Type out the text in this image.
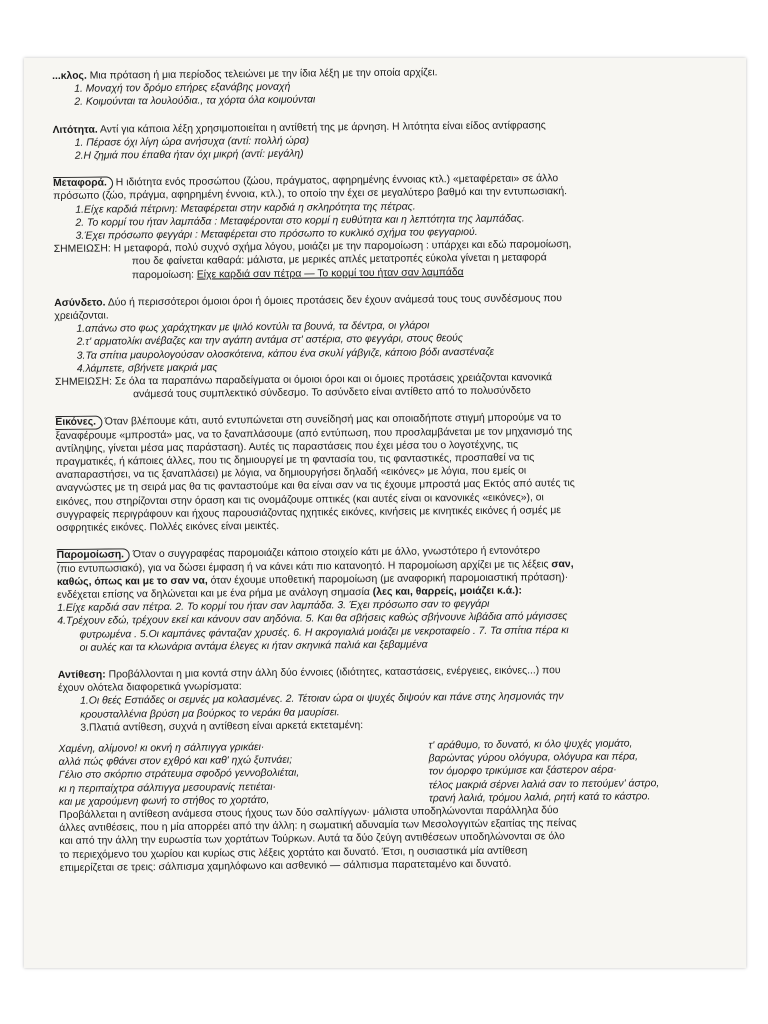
...κλος. Μια πρόταση ή μια περίοδος τελειώνει με την ίδια λέξη με την οποία αρχίζει.
1. Μοναχή τον δρόμο επήρες εξανάβης μοναχή
2. Κοιμούνται τα λουλούδια., τα χόρτα όλα κοιμούνται
Λιτότητα. Αντί για κάποια λέξη χρησιμοποιείται η αντίθετή της με άρνηση. Η λιτότητα είναι είδος αντίφρασης
1. Πέρασε όχι λίγη ώρα ανήσυχα (αντί: πολλή ώρα)
2.Η ζημιά που έπαθα ήταν όχι μικρή (αντί: μεγάλη)
Μεταφορά. Η ιδιότητα ενός προσώπου (ζώου, πράγματος, αφηρημένης έννοιας κτλ.) «μεταφέρεται» σε άλλο
πρόσωπο (ζώο, πράγμα, αφηρημένη έννοια, κτλ.), το οποίο την έχει σε μεγαλύτερο βαθμό και την εντυπωσιακή.
1.Είχε καρδιά πέτρινη: Μεταφέρεται στην καρδιά η σκληρότητα της πέτρας.
2. Το κορμί του ήταν λαμπάδα : Μεταφέρονται στο κορμί η ευθύτητα και η λεπτότητα της λαμπάδας.
3.Έχει πρόσωπο φεγγάρι : Μεταφέρεται στο πρόσωπο το κυκλικό σχήμα του φεγγαριού.
ΣΗΜΕΙΩΣΗ: Η μεταφορά, πολύ συχνό σχήμα λόγου, μοιάζει με την παρομοίωση : υπάρχει και εδώ παρομοίωση,
που δε φαίνεται καθαρά: μάλιστα, με μερικές απλές μετατροπές εύκολα γίνεται η μεταφορά
παρομοίωση: Είχε καρδιά σαν πέτρα — Το κορμί του ήταν σαν λαμπάδα
Ασύνδετο. Δύο ή περισσότεροι όμοιοι όροι ή όμοιες προτάσεις δεν έχουν ανάμεσά τους τους συνδέσμους που
χρειάζονται.
1.απάνω στο φως χαράχτηκαν με ψιλό κοντύλι τα βουνά, τα δέντρα, οι γλάροι
2.τ' αρματολίκι ανέβαζες και την αγάπη αντάμα στ' αστέρια, στο φεγγάρι, στους θεούς
3.Τα σπίτια μαυρολογούσαν ολοσκότεινα, κάπου ένα σκυλί γάβγιζε, κάποιο βόδι αναστέναζε
4.λάμπετε, σβήνετε μακριά μας
ΣΗΜΕΙΩΣΗ: Σε όλα τα παραπάνω παραδείγματα οι όμοιοι όροι και οι όμοιες προτάσεις χρειάζονται κανονικά
ανάμεσά τους συμπλεκτικό σύνδεσμο. Το ασύνδετο είναι αντίθετο από το πολυσύνδετο
Εικόνες. Όταν βλέπουμε κάτι, αυτό εντυπώνεται στη συνείδησή μας και οποιαδήποτε στιγμή μπορούμε να το
ξαναφέρουμε «μπροστά» μας, να το ξαναπλάσουμε (από εντύπωση, που προσλαμβάνεται με τον μηχανισμό της
αντίληψης, γίνεται μέσα μας παράσταση). Αυτές τις παραστάσεις που έχει μέσα του ο λογοτέχνης, τις
πραγματικές, ή κάποιες άλλες, που τις δημιουργεί με τη φαντασία του, τις φανταστικές, προσπαθεί να τις
αναπαραστήσει, να τις ξαναπλάσει) με λόγια, να δημιουργήσει δηλαδή «εικόνες» με λόγια, που εμείς οι
αναγνώστες με τη σειρά μας θα τις φανταστούμε και θα είναι σαν να τις έχουμε μπροστά μας Εκτός από αυτές τις
εικόνες, που στηρίζονται στην όραση και τις ονομάζουμε οπτικές (και αυτές είναι οι κανονικές «εικόνες»), οι
συγγραφείς περιγράφουν και ήχους παρουσιάζοντας ηχητικές εικόνες, κινήσεις με κινητικές εικόνες ή οσμές με
οσφρητικές εικόνες. Πολλές εικόνες είναι μεικτές.
Παρομοίωση. Όταν ο συγγραφέας παρομοιάζει κάποιο στοιχείο κάτι με άλλο, γνωστότερο ή εντονότερο
(πιο εντυπωσιακό), για να δώσει έμφαση ή να κάνει κάτι πιο κατανοητό. Η παρομοίωση αρχίζει με τις λέξεις σαν,
καθώς, όπως και με το σαν να, όταν έχουμε υποθετική παρομοίωση (με αναφορική παρομοιαστική πρόταση)·
ενδέχεται επίσης να δηλώνεται και με ένα ρήμα με ανάλογη σημασία (λες και, θαρρείς, μοιάζει κ.ά.):
1.Είχε καρδιά σαν πέτρα. 2. Το κορμί του ήταν σαν λαμπάδα. 3. Έχει πρόσωπο σαν το φεγγάρι
4.Τρέχουν εδώ, τρέχουν εκεί και κάνουν σαν αηδόνια. 5. Και θα σβήσεις καθώς σβήνουνε λιβάδια από μάγισσες
φυτρωμένα . 5.Οι καμπάνες φάνταζαν χρυσές. 6. Η ακρογιαλιά μοιάζει με νεκροταφείο . 7. Τα σπίτια πέρα κι
οι αυλές και τα κλωνάρια αντάμα έλεγες κι ήταν σκηνικά παλιά και ξεβαμμένα
Αντίθεση: Προβάλλονται η μια κοντά στην άλλη δύο έννοιες (ιδιότητες, καταστάσεις, ενέργειες, εικόνες...) που
έχουν ολότελα διαφορετικά γνωρίσματα:
1.Οι θεές Εστιάδες οι σεμνές μα κολασμένες. 2. Τέτοιαν ώρα οι ψυχές διψούν και πάνε στης λησμονιάς την
κρουσταλλένια βρύση μα βούρκος το νεράκι θα μαυρίσει.
3.Πλατιά αντίθεση, συχνά η αντίθεση είναι αρκετά εκτεταμένη:
Χαμένη, αλίμονο! κι οκνή η σάλπιγγα γρικάει·
αλλά πώς φθάνει στον εχθρό και καθ' ηχώ ξυπνάει;
Γέλιο στο σκόρπιο στράτευμα σφοδρό γεννοβολιέται,
κι η περιπαίχτρα σάλπιγγα μεσουρανίς πετιέται·
και με χαρούμενη φωνή το στήθος το χορτάτο,
τ' αράθυμο, το δυνατό, κι όλο ψυχές γιομάτο,
βαρώντας γύρου ολόγυρα, ολόγυρα και πέρα,
τον όμορφο τρικύμισε και ξάστερον αέρα·
τέλος μακριά σέρνει λαλιά σαν το πετούμεν' άστρο,
τρανή λαλιά, τρόμου λαλιά, ρητή κατά το κάστρο.
Προβάλλεται η αντίθεση ανάμεσα στους ήχους των δύο σαλπίγγων· μάλιστα υποδηλώνονται παράλληλα δύο
άλλες αντιθέσεις, που η μία απορρέει από την άλλη: η σωματική αδυναμία των Μεσολογγιτών εξαιτίας της πείνας
και από την άλλη την ευρωστία των χορτάτων Τούρκων. Αυτά τα δύο ζεύγη αντιθέσεων υποδηλώνονται σε όλο
το περιεχόμενο του χωρίου και κυρίως στις λέξεις χορτάτο και δυνατό. Έτσι, η ουσιαστικά μία αντίθεση
επιμερίζεται σε τρεις: σάλπισμα χαμηλόφωνο και ασθενικό — σάλπισμα παρατεταμένο και δυνατό.
